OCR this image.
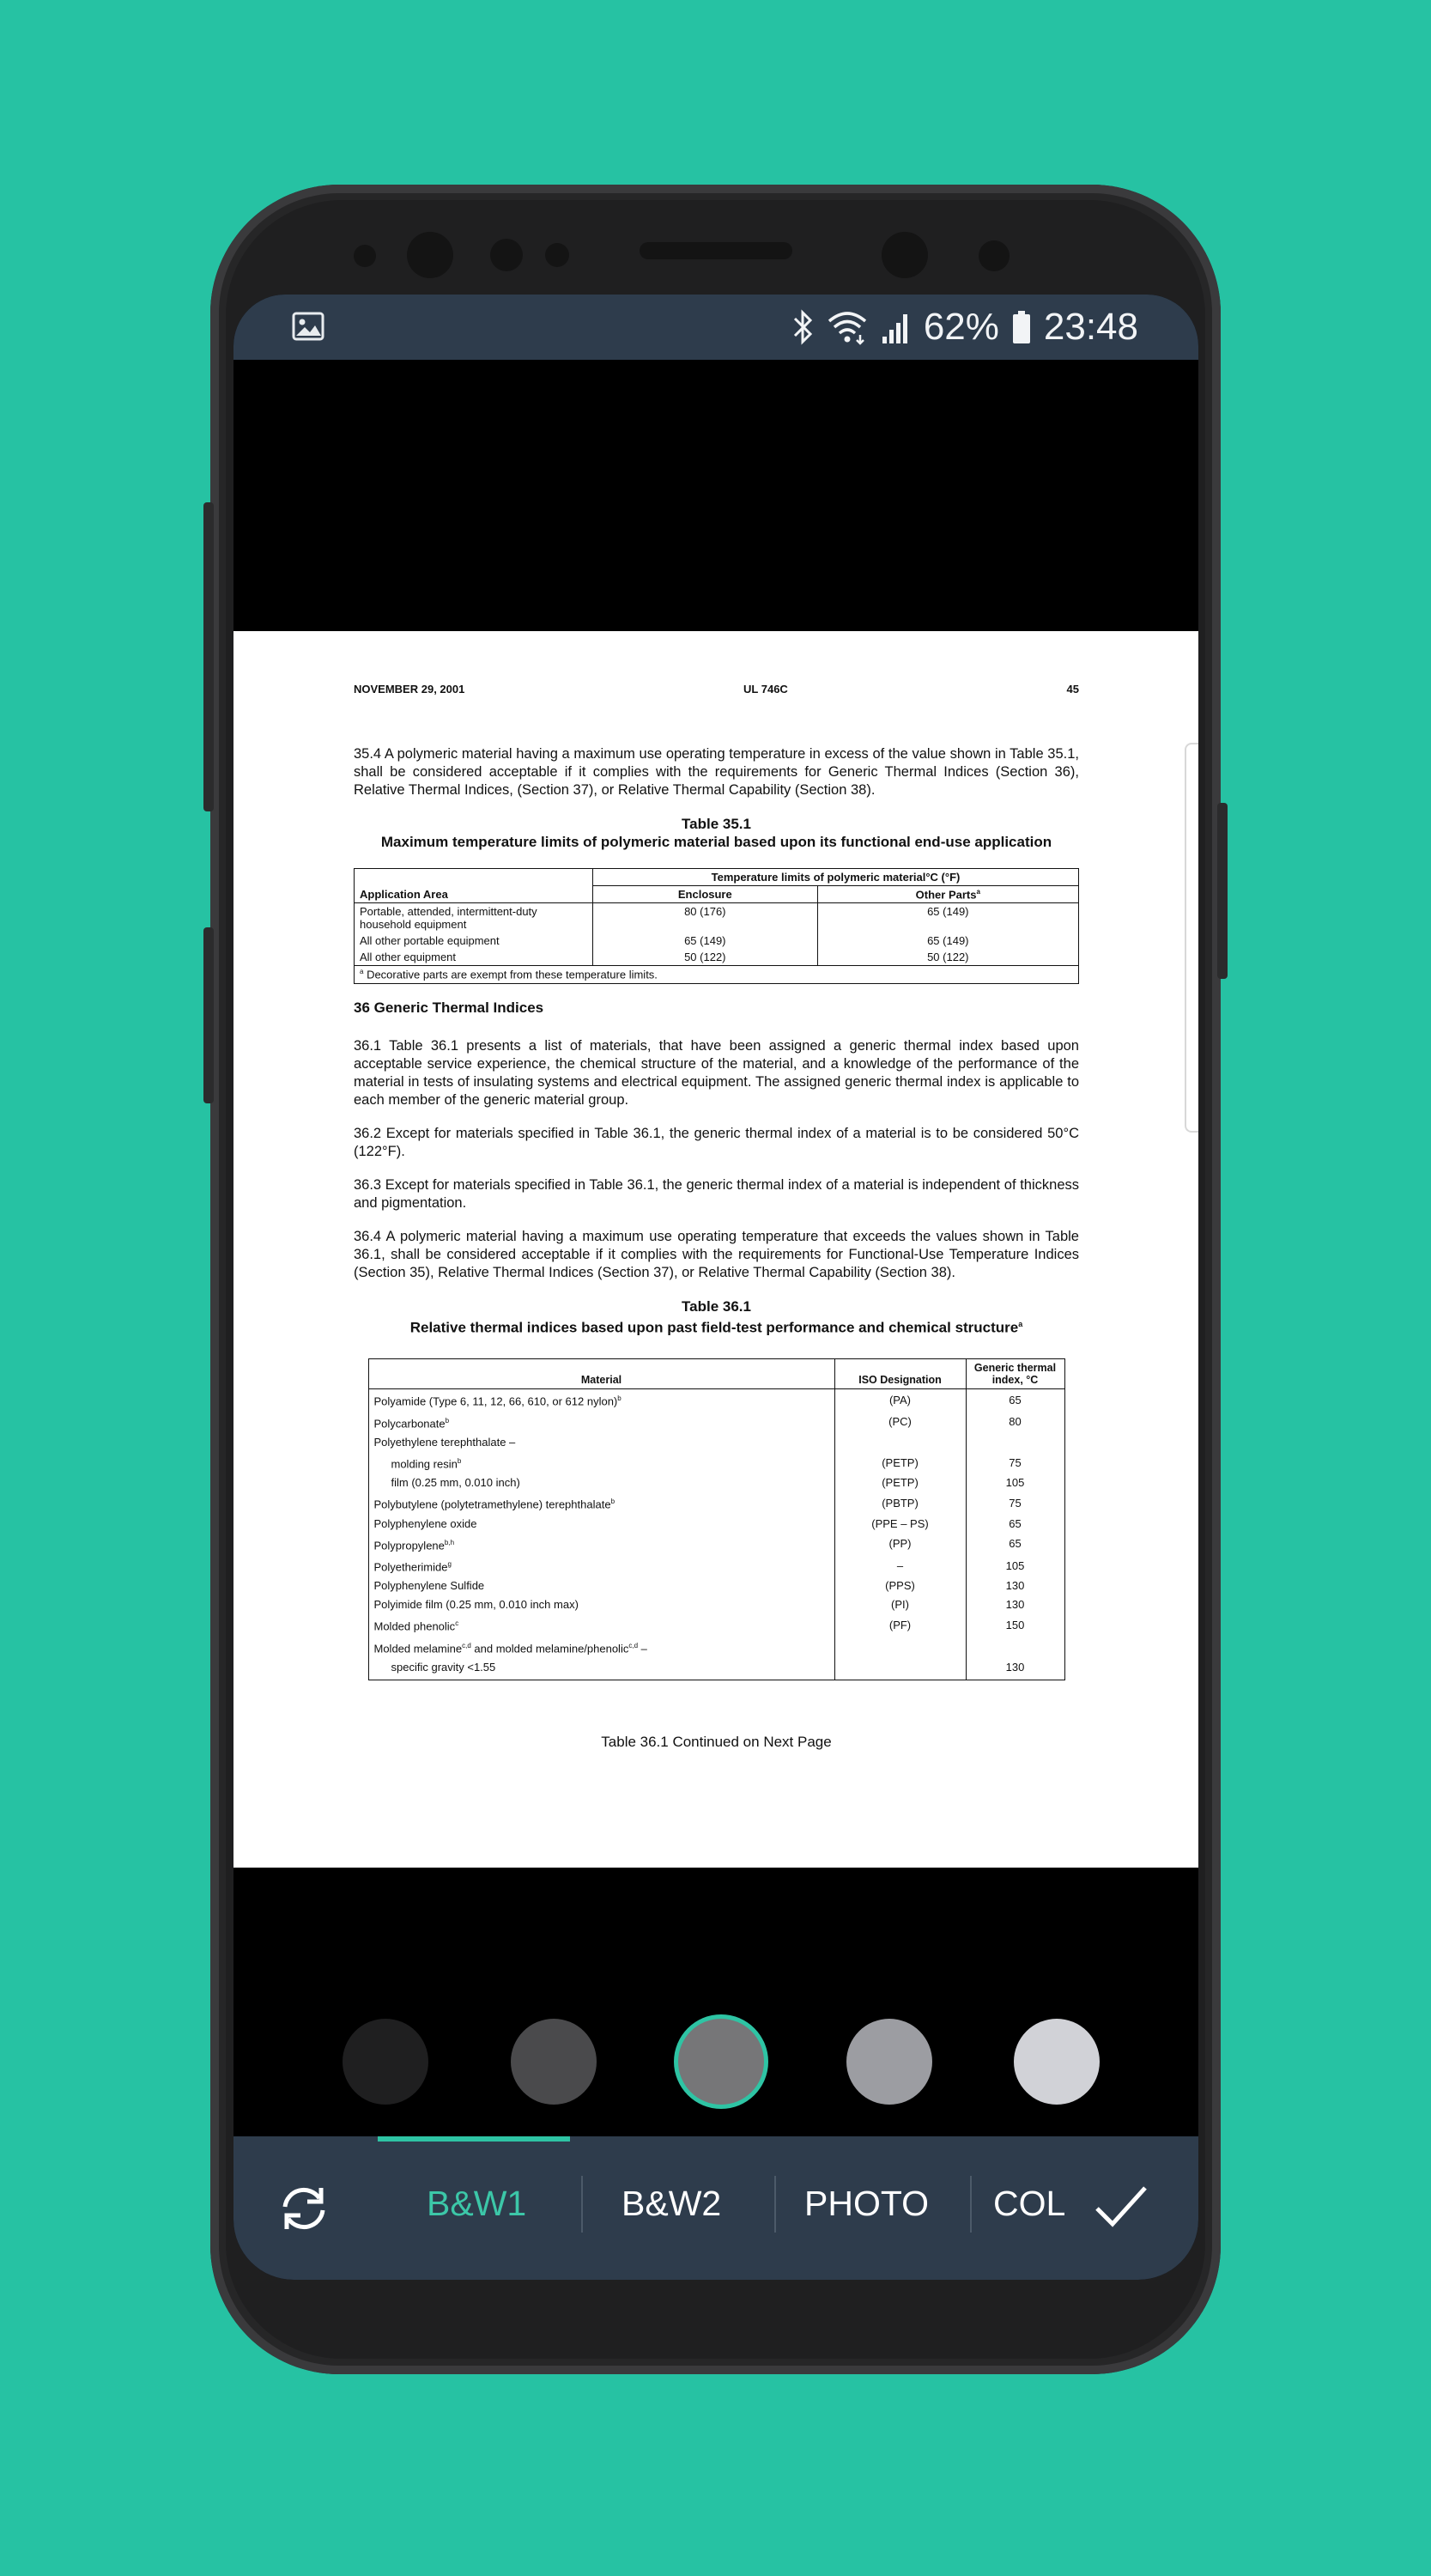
62% 23:48
NOVEMBER 29, 2001	UL 746C	45

35.4 A polymeric material having a maximum use operating temperature in excess of the value shown in Table 35.1, shall be considered acceptable if it complies with the requirements for Generic Thermal Indices (Section 36), Relative Thermal Indices, (Section 37), or Relative Thermal Capability (Section 38).

Table 35.1
Maximum temperature limits of polymeric material based upon its functional end-use application
Application Area	Temperature limits of polymeric material°C (°F)	
	Enclosure	Other Parts$^a$
Portable, attended, intermittent-duty household equipment	80 (176)	65 (149)
All other portable equipment	65 (149)	65 (149)
All other equipment	50 (122)	50 (122)
$^a$ Decorative parts are exempt from these temperature limits.		
36 Generic Thermal Indices

36.1 Table 36.1 presents a list of materials, that have been assigned a generic thermal index based upon acceptable service experience, the chemical structure of the material, and a knowledge of the performance of the material in tests of insulating systems and electrical equipment. The assigned generic thermal index is applicable to each member of the generic material group.

36.2 Except for materials specified in Table 36.1, the generic thermal index of a material is to be considered 50°C (122°F).

36.3 Except for materials specified in Table 36.1, the generic thermal index of a material is independent of thickness and pigmentation.

36.4 A polymeric material having a maximum use operating temperature that exceeds the values shown in Table 36.1, shall be considered acceptable if it complies with the requirements for Functional-Use Temperature Indices (Section 35), Relative Thermal Indices (Section 37), or Relative Thermal Capability (Section 38).

Table 36.1
Relative thermal indices based upon past field-test performance and chemical structure$^a$
Material	ISO Designation	Generic thermal index, °C
Polyamide (Type 6, 11, 12, 66, 610, or 612 nylon)$^b$	(PA)	65
Polycarbonate$^b$	(PC)	80
Polyethylene terephthalate –		
molding resin$^b$	(PETP)	75
film (0.25 mm, 0.010 inch)	(PETP)	105
Polybutylene (polytetramethylene) terephthalate$^b$	(PBTP)	75
Polyphenylene oxide	(PPE – PS)	65
Polypropylene$^{b,h}$	(PP)	65
Polyetherimide$^g$	–	105
Polyphenylene Sulfide	(PPS)	130
Polyimide film (0.25 mm, 0.010 inch max)	(PI)	130
Molded phenolic$^c$	(PF)	150
Molded melamine$^{c,d}$ and molded melamine/phenolic$^{c,d}$ –		
specific gravity <1.55		130
Table 36.1 Continued on Next Page
B&W1	B&W2 PHOTO COL
